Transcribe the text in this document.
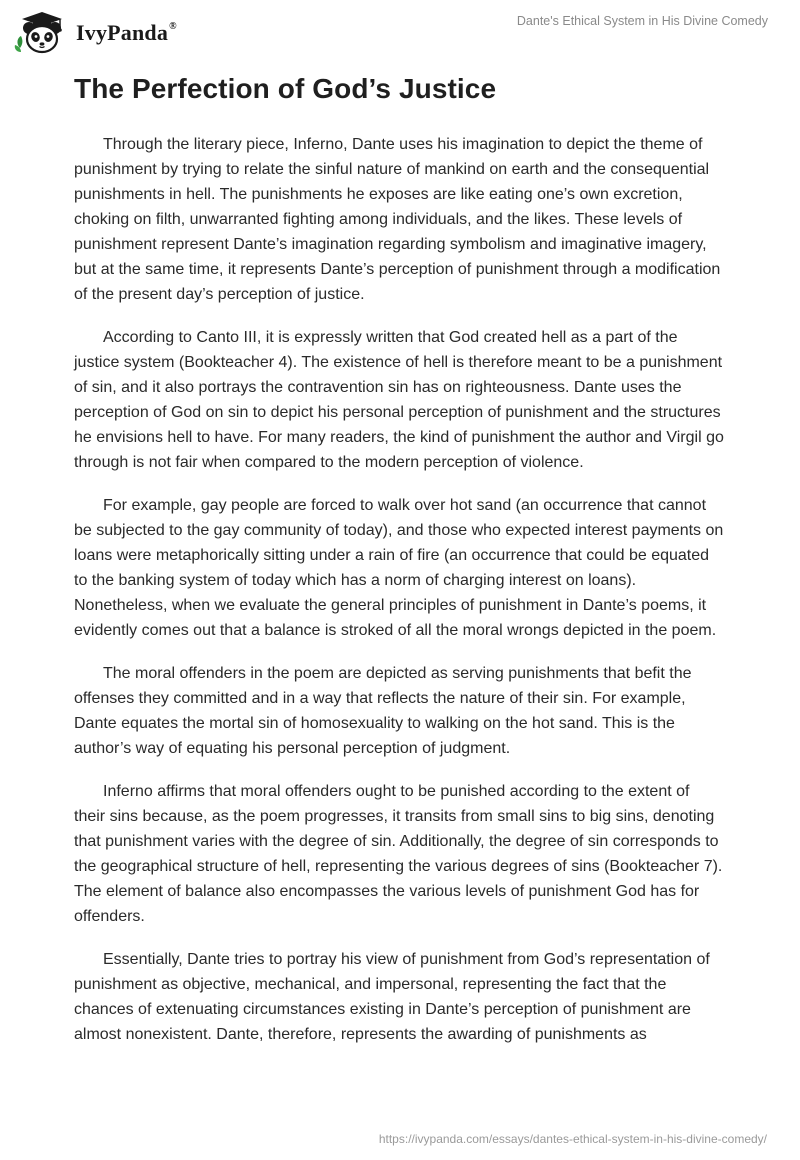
IvyPanda®	Dante's Ethical System in His Divine Comedy
The Perfection of God’s Justice

Through the literary piece, Inferno, Dante uses his imagination to depict the theme of punishment by trying to relate the sinful nature of mankind on earth and the consequential punishments in hell. The punishments he exposes are like eating one’s own excretion, choking on filth, unwarranted fighting among individuals, and the likes. These levels of punishment represent Dante’s imagination regarding symbolism and imaginative imagery, but at the same time, it represents Dante’s perception of punishment through a modification of the present day’s perception of justice.

According to Canto III, it is expressly written that God created hell as a part of the justice system (Bookteacher 4). The existence of hell is therefore meant to be a punishment of sin, and it also portrays the contravention sin has on righteousness. Dante uses the perception of God on sin to depict his personal perception of punishment and the structures he envisions hell to have. For many readers, the kind of punishment the author and Virgil go through is not fair when compared to the modern perception of violence.

For example, gay people are forced to walk over hot sand (an occurrence that cannot be subjected to the gay community of today), and those who expected interest payments on loans were metaphorically sitting under a rain of fire (an occurrence that could be equated to the banking system of today which has a norm of charging interest on loans). Nonetheless, when we evaluate the general principles of punishment in Dante’s poems, it evidently comes out that a balance is stroked of all the moral wrongs depicted in the poem.

The moral offenders in the poem are depicted as serving punishments that befit the offenses they committed and in a way that reflects the nature of their sin. For example, Dante equates the mortal sin of homosexuality to walking on the hot sand. This is the author’s way of equating his personal perception of judgment.

Inferno affirms that moral offenders ought to be punished according to the extent of their sins because, as the poem progresses, it transits from small sins to big sins, denoting that punishment varies with the degree of sin. Additionally, the degree of sin corresponds to the geographical structure of hell, representing the various degrees of sins (Bookteacher 7). The element of balance also encompasses the various levels of punishment God has for offenders.

Essentially, Dante tries to portray his view of punishment from God’s representation of punishment as objective, mechanical, and impersonal, representing the fact that the chances of extenuating circumstances existing in Dante’s perception of punishment are almost nonexistent. Dante, therefore, represents the awarding of punishments as

https://ivypanda.com/essays/dantes-ethical-system-in-his-divine-comedy/
